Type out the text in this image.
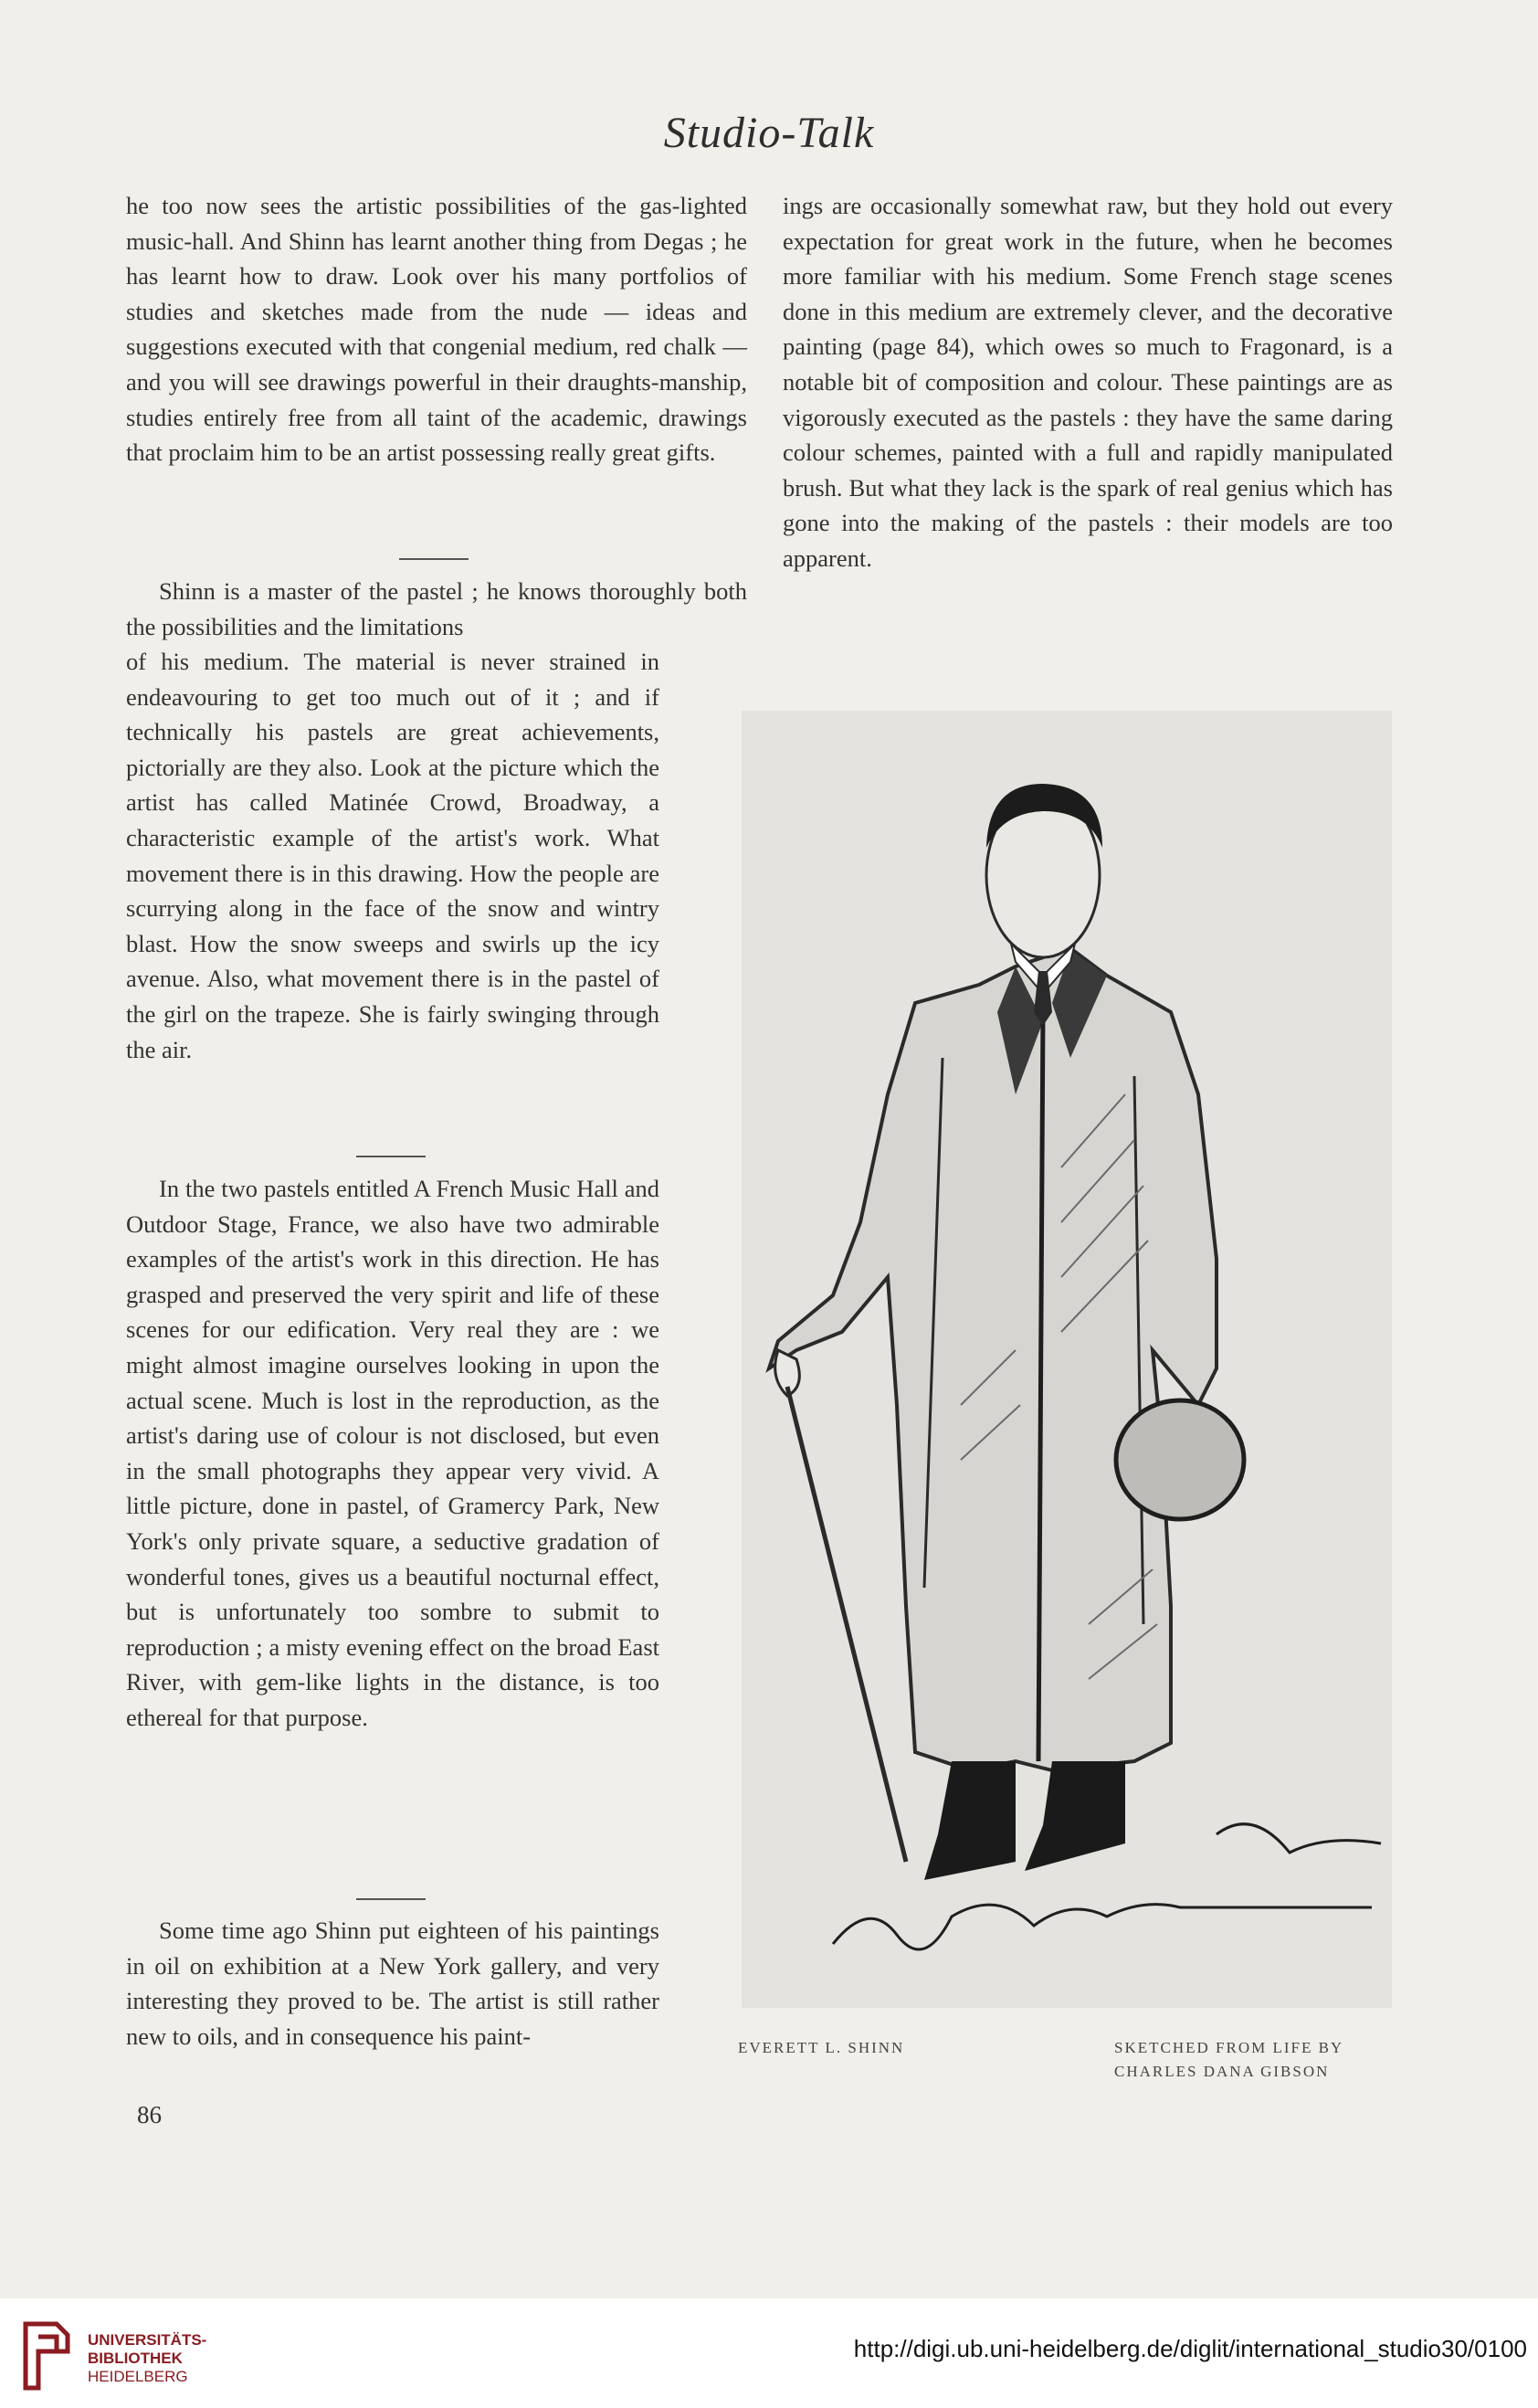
Studio-Talk

he too now sees the artistic possibilities of the gas-lighted music-hall. And Shinn has learnt another thing from Degas ; he has learnt how to draw. Look over his many portfolios of studies and sketches made from the nude — ideas and suggestions executed with that congenial medium, red chalk — and you will see drawings powerful in their draughts-manship, studies entirely free from all taint of the academic, drawings that proclaim him to be an artist possessing really great gifts.

Shinn is a master of the pastel ; he knows thoroughly both the possibilities and the limitations

of his medium. The material is never strained in endeavouring to get too much out of it ; and if technically his pastels are great achievements, pictorially are they also. Look at the picture which the artist has called Matinée Crowd, Broadway, a characteristic example of the artist's work. What movement there is in this drawing. How the people are scurrying along in the face of the snow and wintry blast. How the snow sweeps and swirls up the icy avenue. Also, what movement there is in the pastel of the girl on the trapeze. She is fairly swinging through the air.

In the two pastels entitled A French Music Hall and Outdoor Stage, France, we also have two admirable examples of the artist's work in this direction. He has grasped and preserved the very spirit and life of these scenes for our edification. Very real they are : we might almost imagine ourselves looking in upon the actual scene. Much is lost in the reproduction, as the artist's daring use of colour is not disclosed, but even in the small photographs they appear very vivid. A little picture, done in pastel, of Gramercy Park, New York's only private square, a seductive gradation of wonderful tones, gives us a beautiful nocturnal effect, but is unfortunately too sombre to submit to reproduction ; a misty evening effect on the broad East River, with gem-like lights in the distance, is too ethereal for that purpose.

Some time ago Shinn put eighteen of his paintings in oil on exhibition at a New York gallery, and very interesting they proved to be. The artist is still rather new to oils, and in consequence his paint-

86

ings are occasionally somewhat raw, but they hold out every expectation for great work in the future, when he becomes more familiar with his medium. Some French stage scenes done in this medium are extremely clever, and the decorative painting (page 84), which owes so much to Fragonard, is a notable bit of composition and colour. These paintings are as vigorously executed as the pastels : they have the same daring colour schemes, painted with a full and rapidly manipulated brush. But what they lack is the spark of real genius which has gone into the making of the pastels : their models are too apparent.

to Shinn from his friend Gibson
EVERETT L. SHINN	SKETCHED FROM LIFE BY
CHARLES DANA GIBSON
UNIVERSITÄTS-
BIBLIOTHEK
HEIDELBERG
http://digi.ub.uni-heidelberg.de/diglit/international_studio30/0100
